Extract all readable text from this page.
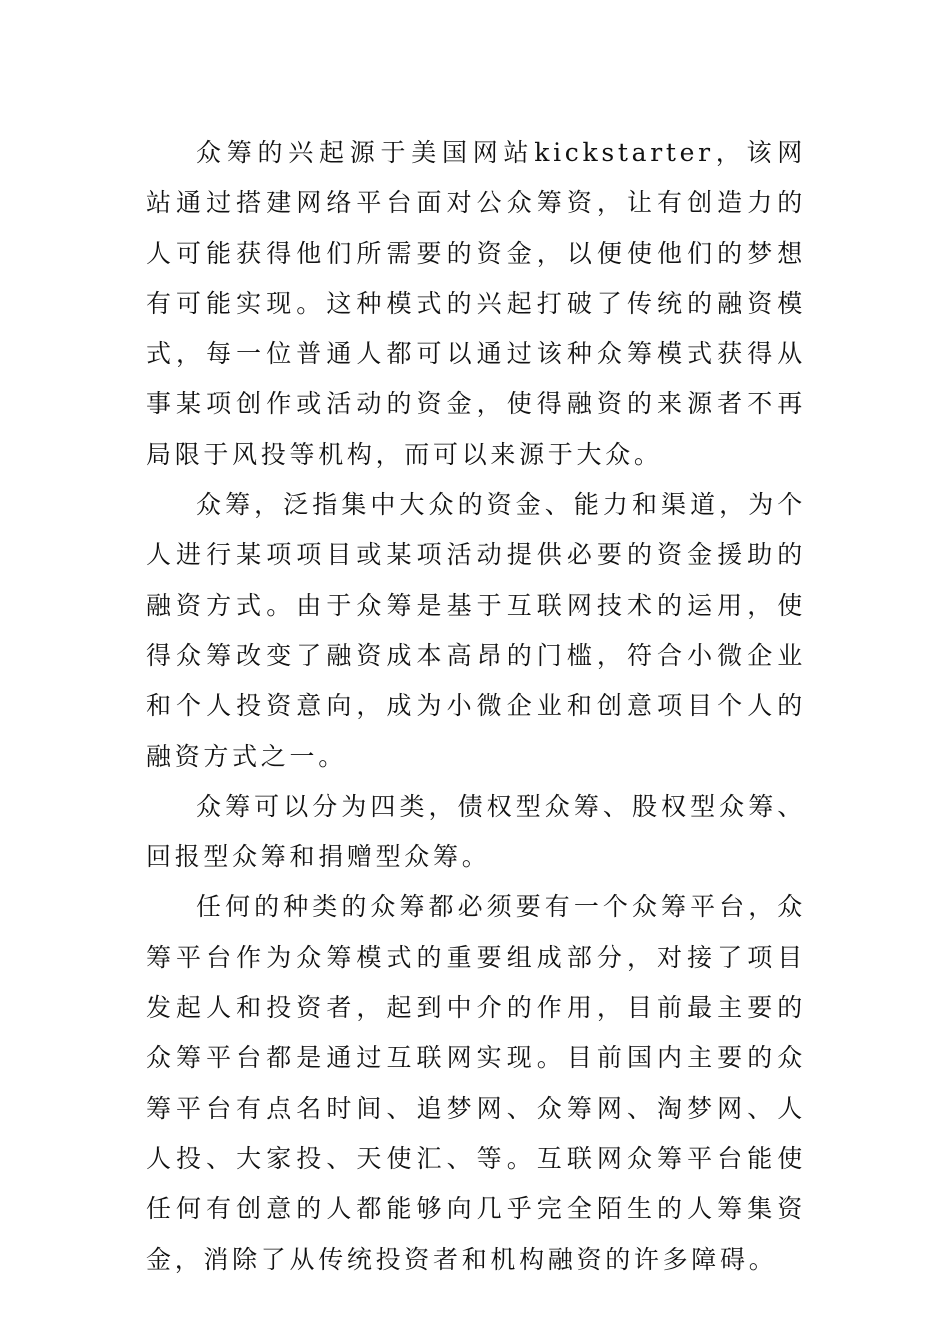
众筹的兴起源于美国网站kickstarter，该网站通过搭建网络平台面对公众筹资，让有创造力的人可能获得他们所需要的资金，以便使他们的梦想有可能实现。这种模式的兴起打破了传统的融资模式，每一位普通人都可以通过该种众筹模式获得从事某项创作或活动的资金，使得融资的来源者不再局限于风投等机构，而可以来源于大众。

众筹，泛指集中大众的资金、能力和渠道，为个人进行某项项目或某项活动提供必要的资金援助的融资方式。由于众筹是基于互联网技术的运用，使得众筹改变了融资成本高昂的门槛，符合小微企业和个人投资意向，成为小微企业和创意项目个人的融资方式之一。

众筹可以分为四类，债权型众筹、股权型众筹、回报型众筹和捐赠型众筹。

任何的种类的众筹都必须要有一个众筹平台，众筹平台作为众筹模式的重要组成部分，对接了项目发起人和投资者，起到中介的作用，目前最主要的众筹平台都是通过互联网实现。目前国内主要的众筹平台有点名时间、追梦网、众筹网、淘梦网、人人投、大家投、天使汇、等。互联网众筹平台能使任何有创意的人都能够向几乎完全陌生的人筹集资金，消除了从传统投资者和机构融资的许多障碍。
